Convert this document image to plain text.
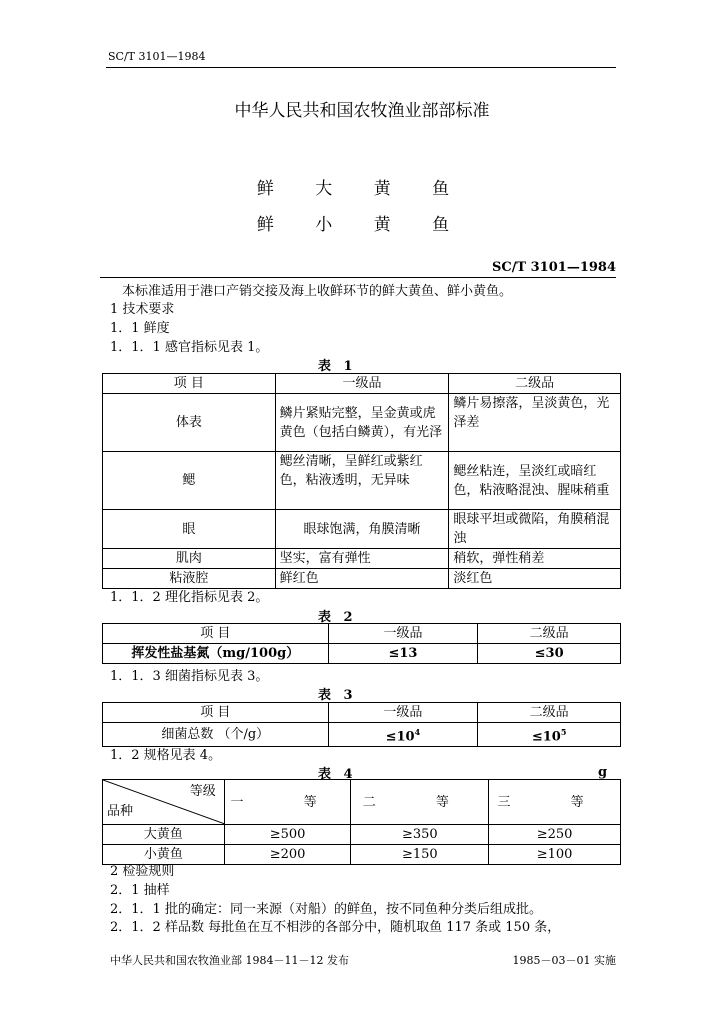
SC/T 3101—1984
中华人民共和国农牧渔业部部标准
鲜 大 黄 鱼
鲜 小 黄 鱼
SC/T 3101—1984
本标准适用于港口产销交接及海上收鲜环节的鲜大黄鱼、鲜小黄鱼。
1 技术要求
1．1 鲜度
1．1．1 感官指标见表 1。
表 1
项 目	一级品	二级品
体表	鳞片紧贴完整，呈金黄或虎黄色（包括白鳞黄），有光泽	鳞片易擦落，呈淡黄色，光泽差
鳃	鳃丝清晰，呈鲜红或紫红色，粘液透明，无异味	鳃丝粘连，呈淡红或暗红色，粘液略混浊、腥味稍重
眼	眼球饱满，角膜清晰	眼球平坦或微陷，角膜稍混浊
肌肉	坚实，富有弹性	稍软，弹性稍差
粘液腔	鲜红色	淡红色
1．1．2 理化指标见表 2。
表 2
项 目	一级品	二级品
挥发性盐基氮（mg/100g）	≤13	≤30
1．1．3 细菌指标见表 3。
表 3
项 目	一级品	二级品
细菌总数 （个/g）	$\le 10^4$	$\le 10^5$
1．2 规格见表 4。
表 4	g
等级
品种	一 等	二 等	三 等
大黄鱼	≥500	≥350	≥250
小黄鱼	≥200	≥150	≥100
2 检验规则
2．1 抽样
2．1．1 批的确定：同一来源（对船）的鲜鱼，按不同鱼种分类后组成批。
2．1．2 样品数 每批鱼在互不相涉的各部分中，随机取鱼 117 条或 150 条，
中华人民共和国农牧渔业部 1984－11－12 发布	1985－03－01 实施
